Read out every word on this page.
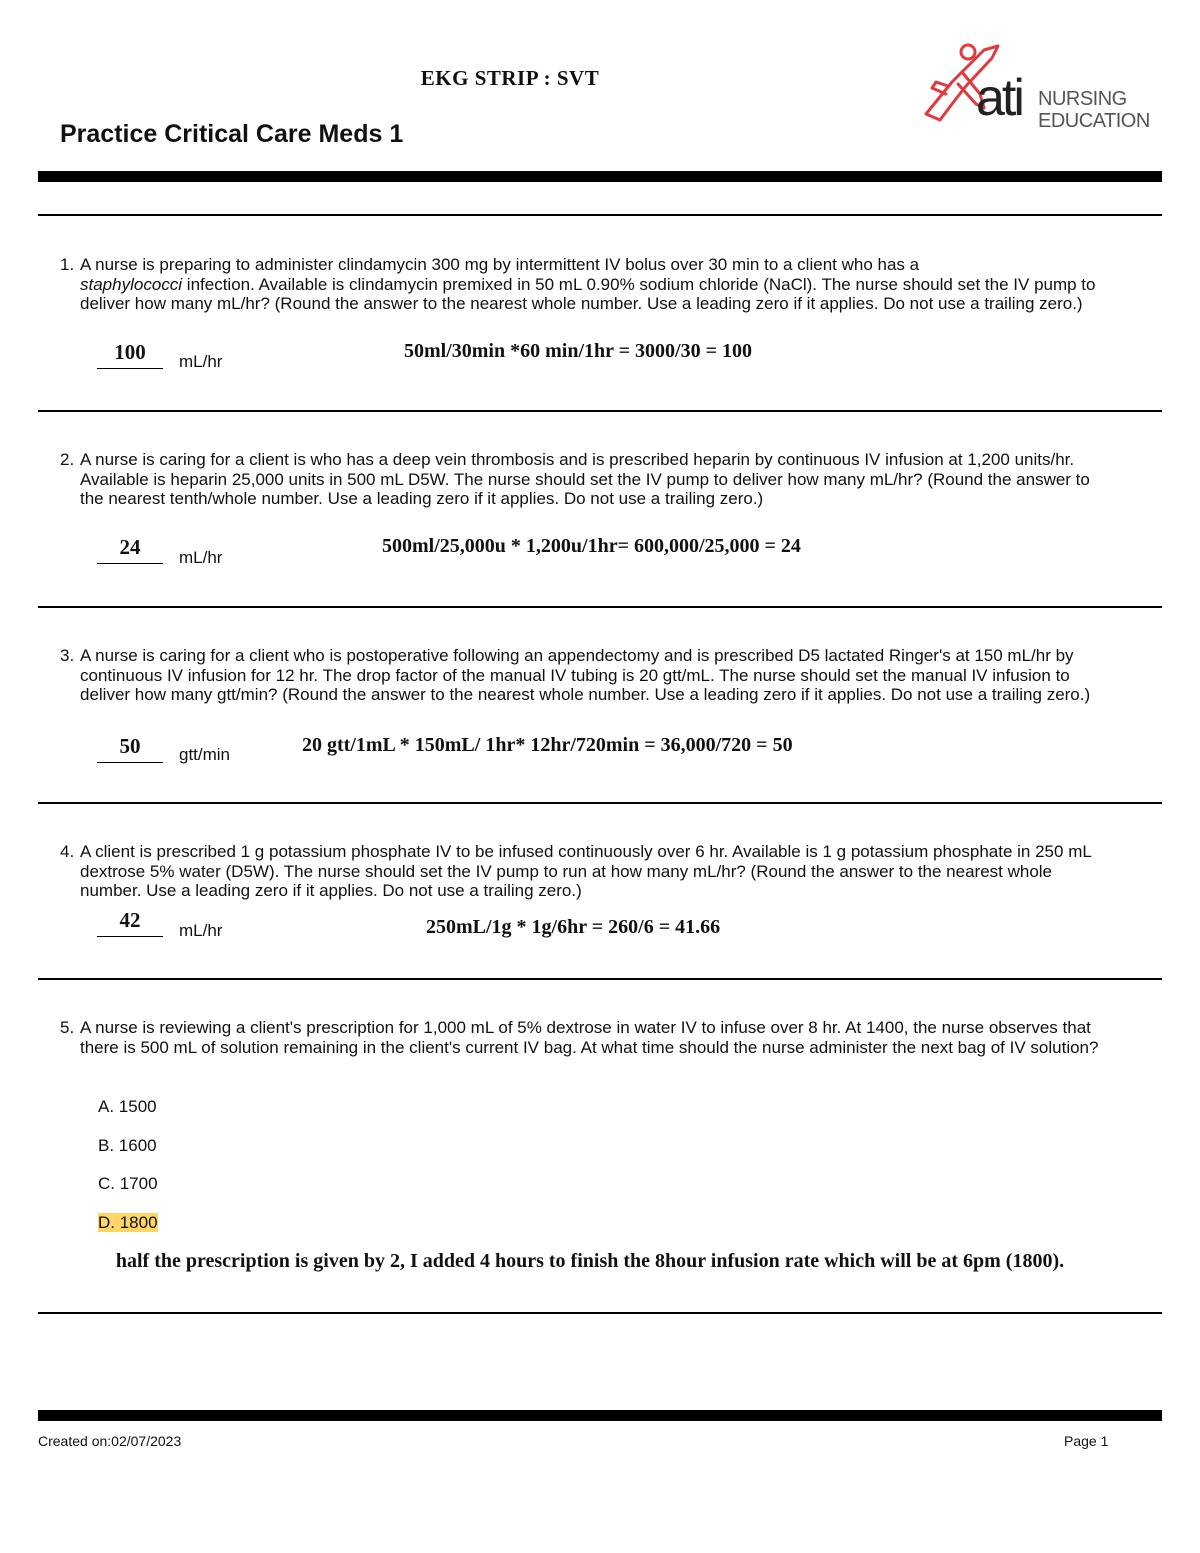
EKG STRIP : SVT
Practice Critical Care Meds 1
ati NURSING
EDUCATION
1. A nurse is preparing to administer clindamycin 300 mg by intermittent IV bolus over 30 min to a client who has a
staphylococci infection. Available is clindamycin premixed in 50 mL 0.90% sodium chloride (NaCl). The nurse should set the IV pump to deliver how many mL/hr? (Round the answer to the nearest whole number. Use a leading zero if it applies. Do not use a trailing zero.)
100	mL/hr	50ml/30min *60 min/1hr = 3000/30 = 100
2. A nurse is caring for a client is who has a deep vein thrombosis and is prescribed heparin by continuous IV infusion at 1,200 units/hr. Available is heparin 25,000 units in 500 mL D5W. The nurse should set the IV pump to deliver how many mL/hr? (Round the answer to the nearest tenth/whole number. Use a leading zero if it applies. Do not use a trailing zero.)
24	mL/hr
500ml/25,000u * 1,200u/1hr= 600,000/25,000 = 24
3. A nurse is caring for a client who is postoperative following an appendectomy and is prescribed D5 lactated Ringer's at 150 mL/hr by continuous IV infusion for 12 hr. The drop factor of the manual IV tubing is 20 gtt/mL. The nurse should set the manual IV infusion to deliver how many gtt/min? (Round the answer to the nearest whole number. Use a leading zero if it applies. Do not use a trailing zero.)
50	gtt/min	20 gtt/1mL * 150mL/ 1hr* 12hr/720min = 36,000/720 = 50
4. A client is prescribed 1 g potassium phosphate IV to be infused continuously over 6 hr. Available is 1 g potassium phosphate in 250 mL dextrose 5% water (D5W). The nurse should set the IV pump to run at how many mL/hr? (Round the answer to the nearest whole number. Use a leading zero if it applies. Do not use a trailing zero.)
42	mL/hr	250mL/1g * 1g/6hr = 260/6 = 41.66
5. A nurse is reviewing a client's prescription for 1,000 mL of 5% dextrose in water IV to infuse over 8 hr. At 1400, the nurse observes that there is 500 mL of solution remaining in the client's current IV bag. At what time should the nurse administer the next bag of IV solution?
A. 1500
B. 1600
C. 1700
D. 1800
half the prescription is given by 2, I added 4 hours to finish the 8hour infusion rate which will be at 6pm (1800).
Created on:02/07/2023	Page 1
